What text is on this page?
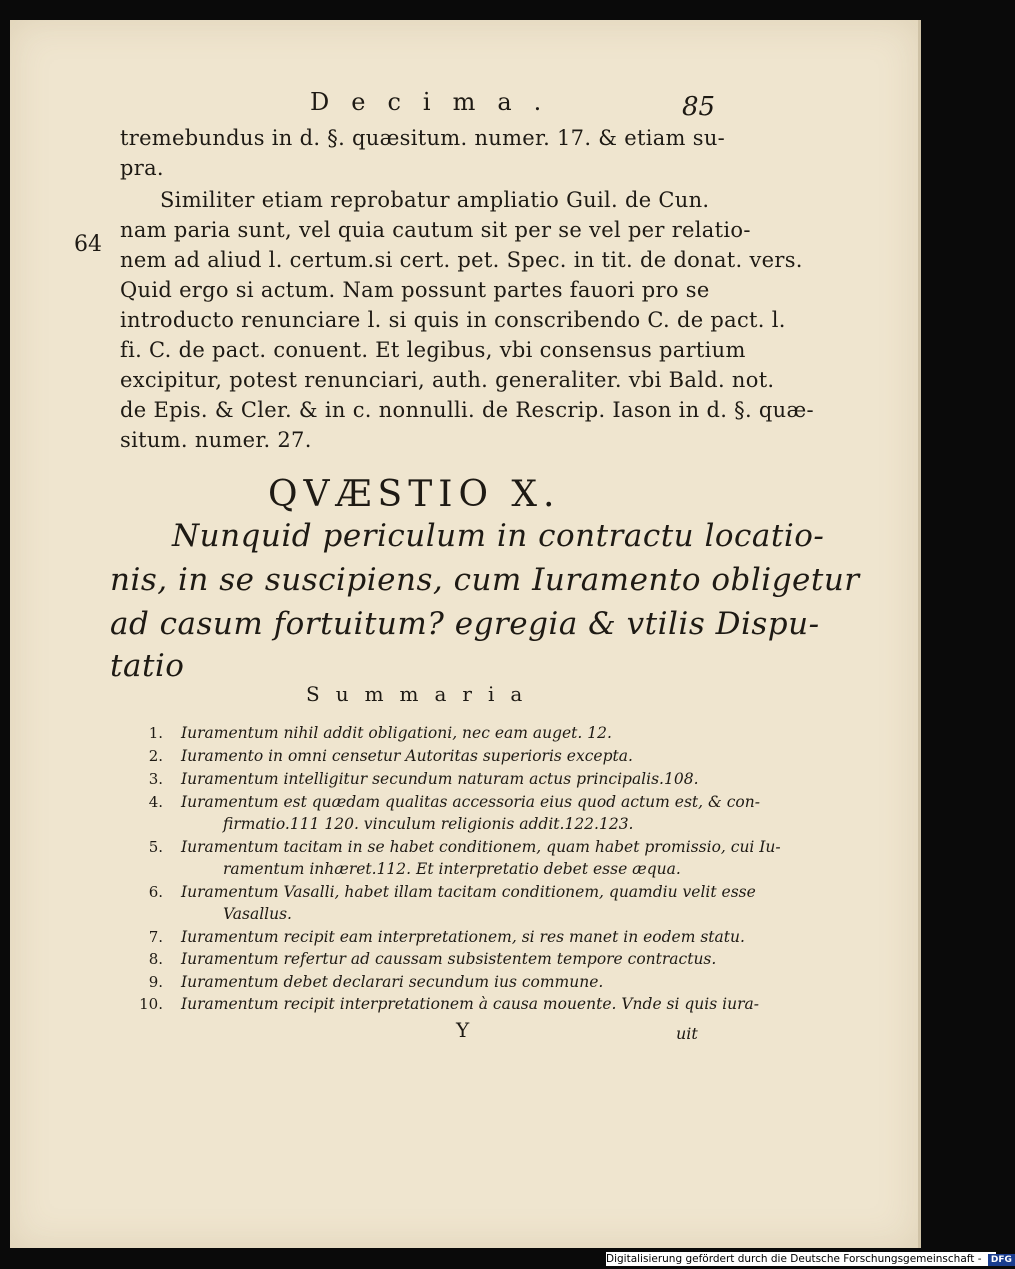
Decima.	85
tremebundus in d. §. quæsitum. numer. 17. & etiam su-
pra.
Similiter etiam reprobatur ampliatio Guil. de Cun.
64
nam paria sunt, vel quia cautum sit per se vel per relatio-
nem ad aliud l. certum.si cert. pet. Spec. in tit. de donat. vers.
Quid ergo si actum. Nam possunt partes fauori pro se
introducto renunciare l. si quis in conscribendo C. de pact. l.
fi. C. de pact. conuent. Et legibus, vbi consensus partium
excipitur, potest renunciari, auth. generaliter. vbi Bald. not.
de Epis. & Cler. & in c. nonnulli. de Rescrip. Iason in d. §. quæ-
situm. numer. 27.
QVÆSTIO X.
Nunquid periculum in contractu locatio-
nis, in se suscipiens, cum Iuramento obligetur
ad casum fortuitum? egregia & vtilis Dispu-
tatio
Summaria
1. Iuramentum nihil addit obligationi, nec eam auget. 12.
2. Iuramento in omni censetur Autoritas superioris excepta.
3. Iuramentum intelligitur secundum naturam actus principalis.108.
4. Iuramentum est quædam qualitas accessoria eius quod actum est, & con-
firmatio.111 120. vinculum religionis addit.122.123.
5. Iuramentum tacitam in se habet conditionem, quam habet promissio, cui Iu-
ramentum inhæret.112. Et interpretatio debet esse æqua.
6. Iuramentum Vasalli, habet illam tacitam conditionem, quamdiu velit esse
Vasallus.
7. Iuramentum recipit eam interpretationem, si res manet in eodem statu.
8. Iuramentum refertur ad caussam subsistentem tempore contractus.
9. Iuramentum debet declarari secundum ius commune.
10. Iuramentum recipit interpretationem à causa mouente. Vnde si quis iura-
Y	uit
Digitalisierung gefördert durch die Deutsche Forschungsgemeinschaft - DFG
